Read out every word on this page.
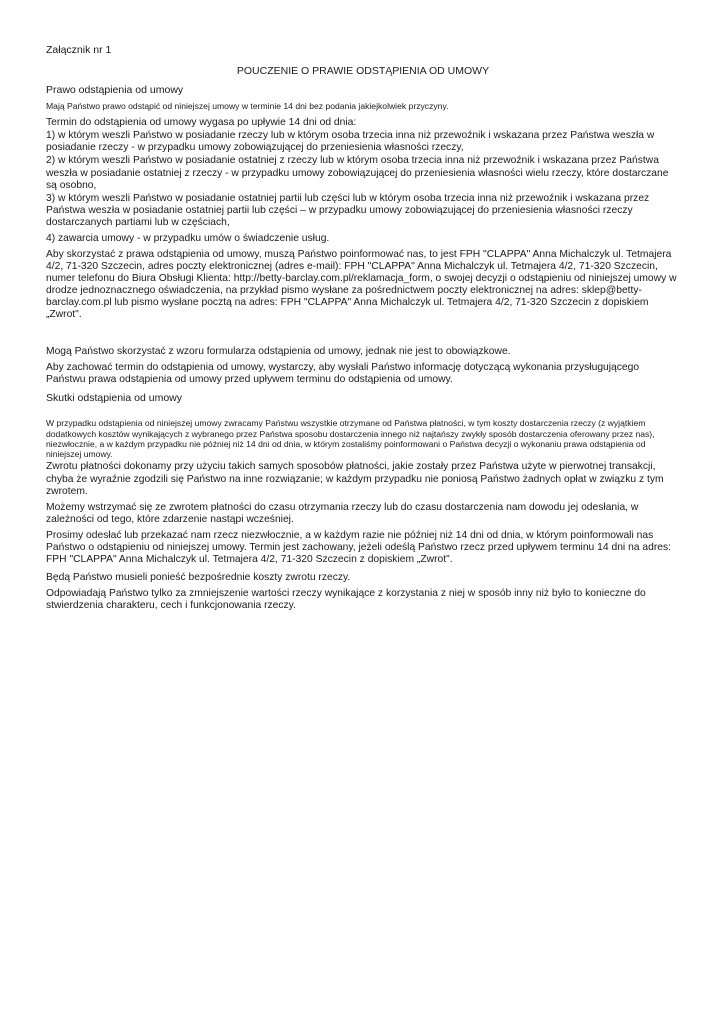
Załącznik nr 1
POUCZENIE O PRAWIE ODSTĄPIENIA OD UMOWY
Prawo odstąpienia od umowy
Mają Państwo prawo odstąpić od niniejszej umowy w terminie 14 dni bez podania jakiejkolwiek przyczyny.

Termin do odstąpienia od umowy wygasa po upływie 14 dni od dnia:

1) w którym weszli Państwo w posiadanie rzeczy lub w którym osoba trzecia inna niż przewoźnik i wskazana przez Państwa weszła w posiadanie rzeczy - w przypadku umowy zobowiązującej do przeniesienia własności rzeczy,

2) w którym weszli Państwo w posiadanie ostatniej z rzeczy lub w którym osoba trzecia inna niż przewoźnik i wskazana przez Państwa weszła w posiadanie ostatniej z rzeczy - w przypadku umowy zobowiązującej do przeniesienia własności wielu rzeczy, które dostarczane są osobno,

3) w którym weszli Państwo w posiadanie ostatniej partii lub części lub w którym osoba trzecia inna niż przewoźnik i wskazana przez Państwa weszła w posiadanie ostatniej partii lub części – w przypadku umowy zobowiązującej do przeniesienia własności rzeczy dostarczanych partiami lub w częściach,

4) zawarcia umowy - w przypadku umów o świadczenie usług.

Aby skorzystać z prawa odstąpienia od umowy, muszą Państwo poinformować nas, to jest FPH "CLAPPA" Anna Michalczyk ul. Tetmajera 4/2, 71-320 Szczecin, adres poczty elektronicznej (adres e-mail): FPH "CLAPPA" Anna Michalczyk ul. Tetmajera 4/2, 71-320 Szczecin, numer telefonu do Biura Obsługi Klienta: http://betty-barclay.com.pl/reklamacja_form, o swojej decyzji o odstąpieniu od niniejszej umowy w drodze jednoznacznego oświadczenia, na przykład pismo wysłane za pośrednictwem poczty elektronicznej na adres: sklep@betty-barclay.com.pl lub pismo wysłane pocztą na adres: FPH "CLAPPA" Anna Michalczyk ul. Tetmajera 4/2, 71-320 Szczecin z dopiskiem „Zwrot".

Mogą Państwo skorzystać z wzoru formularza odstąpienia od umowy, jednak nie jest to obowiązkowe.

Aby zachować termin do odstąpienia od umowy, wystarczy, aby wysłali Państwo informację dotyczącą wykonania przysługującego Państwu prawa odstąpienia od umowy przed upływem terminu do odstąpienia od umowy.

Skutki odstąpienia od umowy
W przypadku odstąpienia od niniejszej umowy zwracamy Państwu wszystkie otrzymane od Państwa płatności, w tym koszty dostarczenia rzeczy (z wyjątkiem dodatkowych kosztów wynikających z wybranego przez Państwa sposobu dostarczenia innego niż najtańszy zwykły sposób dostarczenia oferowany przez nas), niezwłocznie, a w każdym przypadku nie później niż 14 dni od dnia, w którym zostaliśmy poinformowani o Państwa decyzji o wykonaniu prawa odstąpienia od niniejszej umowy.

Zwrotu płatności dokonamy przy użyciu takich samych sposobów płatności, jakie zostały przez Państwa użyte w pierwotnej transakcji, chyba że wyraźnie zgodzili się Państwo na inne rozwiązanie; w każdym przypadku nie poniosą Państwo żadnych opłat w związku z tym zwrotem.

Możemy wstrzymać się ze zwrotem płatności do czasu otrzymania rzeczy lub do czasu dostarczenia nam dowodu jej odesłania, w zależności od tego, które zdarzenie nastąpi wcześniej.

Prosimy odesłać lub przekazać nam rzecz niezwłocznie, a w każdym razie nie później niż 14 dni od dnia, w którym poinformowali nas Państwo o odstąpieniu od niniejszej umowy. Termin jest zachowany, jeżeli odeślą Państwo rzecz przed upływem terminu 14 dni na adres: FPH "CLAPPA" Anna Michalczyk ul. Tetmajera 4/2, 71-320 Szczecin z dopiskiem „Zwrot".

Będą Państwo musieli ponieść bezpośrednie koszty zwrotu rzeczy.

Odpowiadają Państwo tylko za zmniejszenie wartości rzeczy wynikające z korzystania z niej w sposób inny niż było to konieczne do stwierdzenia charakteru, cech i funkcjonowania rzeczy.
